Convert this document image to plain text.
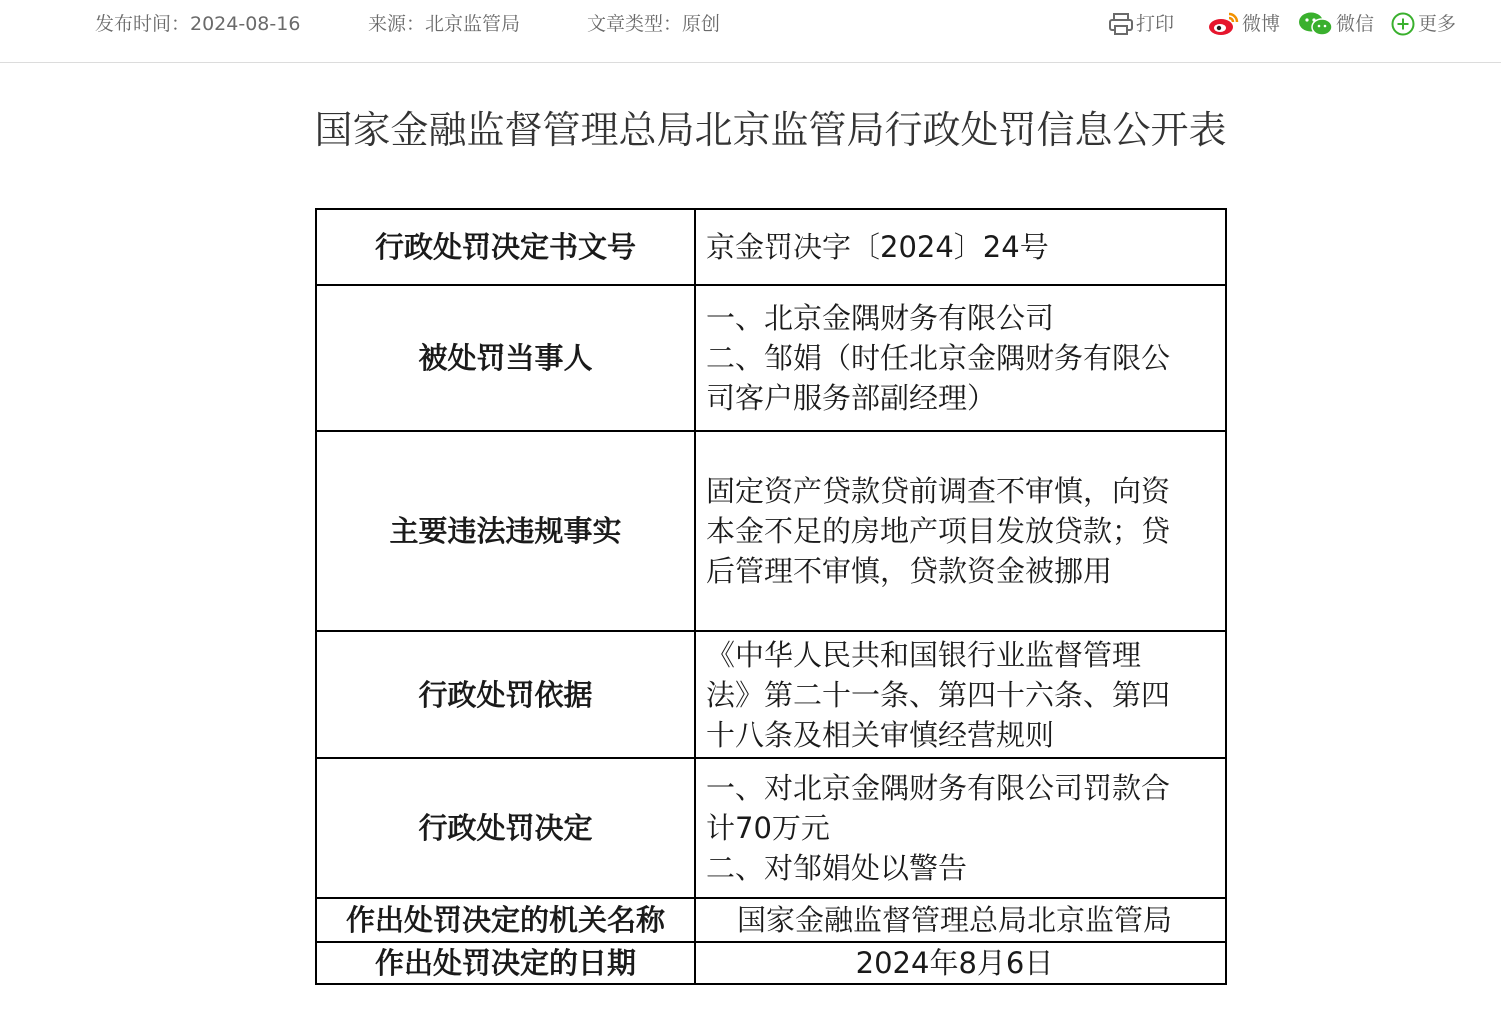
发布时间：2024-08-16	来源：北京监管局	文章类型：原创	打印	微博	微信 更多
国家金融监督管理总局北京监管局行政处罚信息公开表
行政处罚决定书文号	京金罚决字〔2024〕24号

被处罚当事人	一、北京金隅财务有限公司
二、邹娟（时任北京金隅财务有限公
司客户服务部副经理）

主要违法违规事实	固定资产贷款贷前调查不审慎，向资
本金不足的房地产项目发放贷款；贷
后管理不审慎，贷款资金被挪用

行政处罚依据	《中华人民共和国银行业监督管理
法》第二十一条、第四十六条、第四
十八条及相关审慎经营规则

行政处罚决定	一、对北京金隅财务有限公司罚款合
计70万元
二、对邹娟处以警告

作出处罚决定的机关名称	国家金融监督管理总局北京监管局

作出处罚决定的日期	2024年8月6日
